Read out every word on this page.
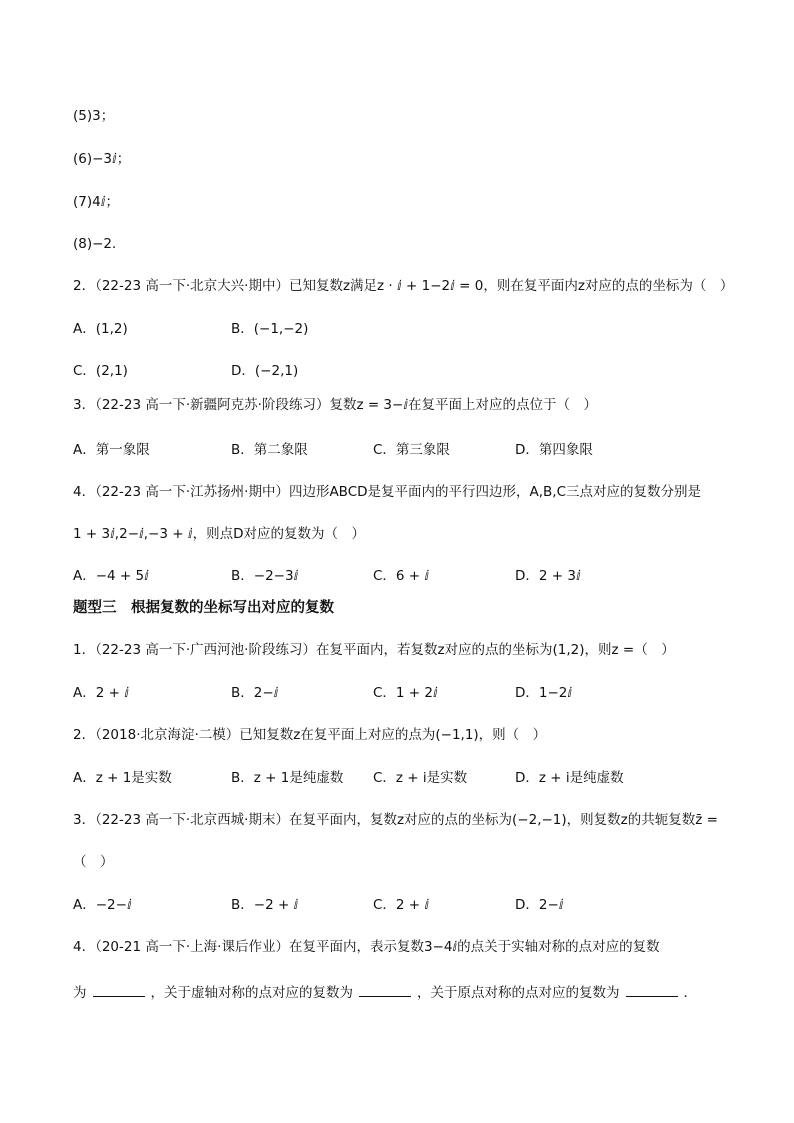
(5)3；
(6)−3ⅈ；
(7)4ⅈ；
(8)−2．
2．（22-23 高一下·北京大兴·期中）已知复数z满足z · ⅈ + 1−2ⅈ = 0，则在复平面内z对应的点的坐标为（　）
A．(1,2)	B．(−1,−2)
C．(2,1)	D．(−2,1)
3．（22-23 高一下·新疆阿克苏·阶段练习）复数z = 3−ⅈ在复平面上对应的点位于（　）
A．第一象限	B．第二象限	C．第三象限	D．第四象限
4．（22-23 高一下·江苏扬州·期中）四边形ABCD是复平面内的平行四边形，A,B,C三点对应的复数分别是
1 + 3ⅈ,2−ⅈ,−3 + ⅈ，则点D对应的复数为（　）
A．−4 + 5ⅈ	B．−2−3ⅈ	C．6 + ⅈ	D．2 + 3ⅈ
题型三　根据复数的坐标写出对应的复数
1．（22-23 高一下·广西河池·阶段练习）在复平面内，若复数z对应的点的坐标为(1,2)，则z =（　）
A．2 + ⅈ	B．2−ⅈ	C．1 + 2ⅈ	D．1−2ⅈ
2．（2018·北京海淀·二模）已知复数z在复平面上对应的点为(−1,1)，则（　）
A．z + 1是实数	B．z + 1是纯虚数 C．z + i是实数	D．z + i是纯虚数
3．（22-23 高一下·北京西城·期末）在复平面内，复数z对应的点的坐标为(−2,−1)，则复数z的共轭复数z̄ =
（　）
A．−2−ⅈ	B．−2 + ⅈ	C．2 + ⅈ	D．2−ⅈ
4．（20-21 高一下·上海·课后作业）在复平面内，表示复数3−4ⅈ的点关于实轴对称的点对应的复数
为	，关于虚轴对称的点对应的复数为	，关于原点对称的点对应的复数为	．
